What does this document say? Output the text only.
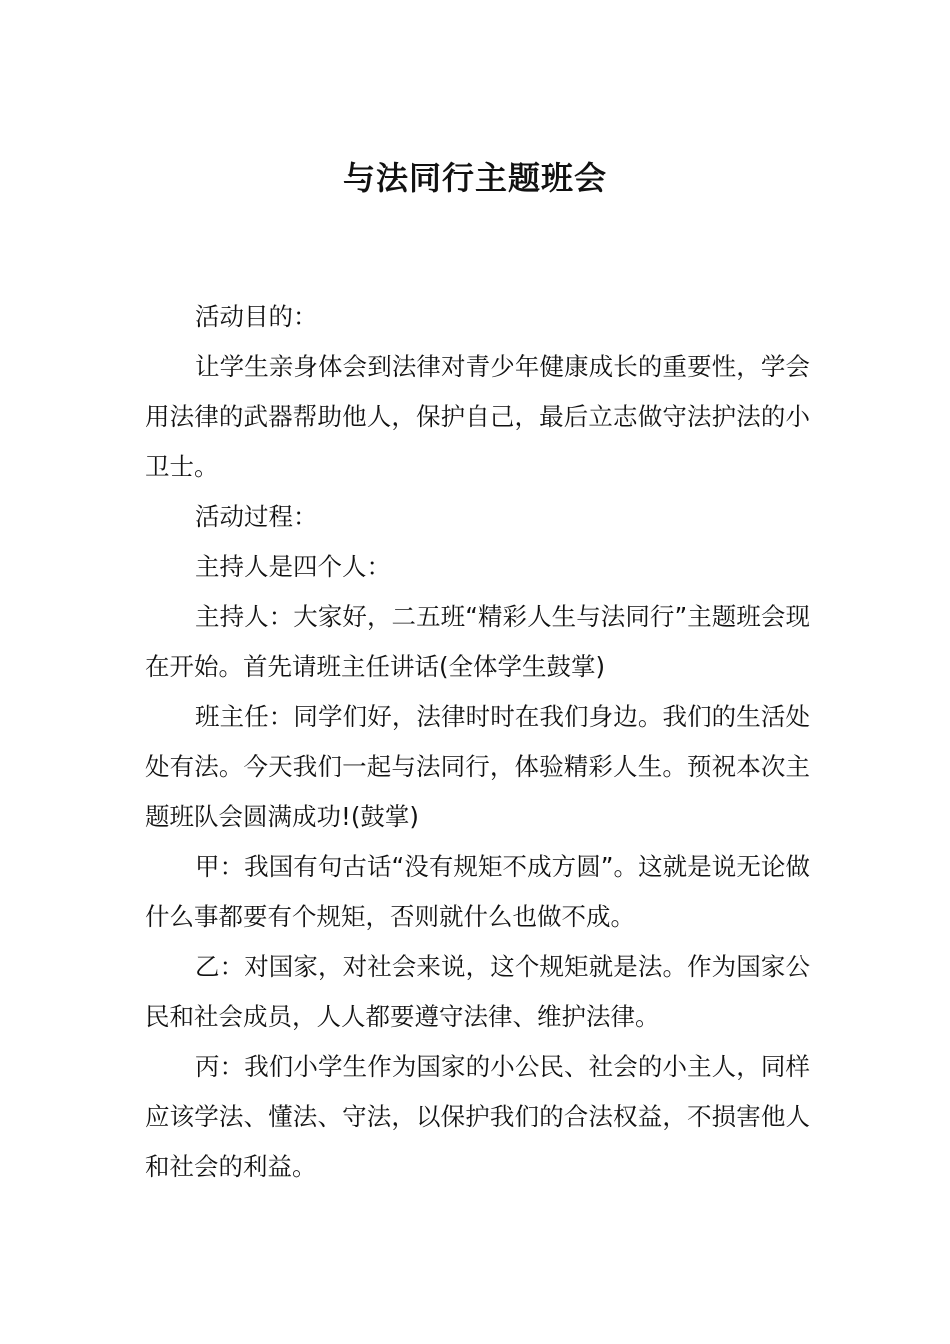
与法同行主题班会

活动目的：

让学生亲身体会到法律对青少年健康成长的重要性，学会用法律的武器帮助他人，保护自己，最后立志做守法护法的小卫士。

活动过程：

主持人是四个人：

主持人：大家好，二五班“精彩人生与法同行”主题班会现在开始。首先请班主任讲话(全体学生鼓掌)

班主任：同学们好，法律时时在我们身边。我们的生活处处有法。今天我们一起与法同行，体验精彩人生。预祝本次主题班队会圆满成功!(鼓掌)

甲：我国有句古话“没有规矩不成方圆”。这就是说无论做什么事都要有个规矩，否则就什么也做不成。

乙：对国家，对社会来说，这个规矩就是法。作为国家公民和社会成员，人人都要遵守法律、维护法律。

丙：我们小学生作为国家的小公民、社会的小主人，同样应该学法、懂法、守法，以保护我们的合法权益，不损害他人和社会的利益。
